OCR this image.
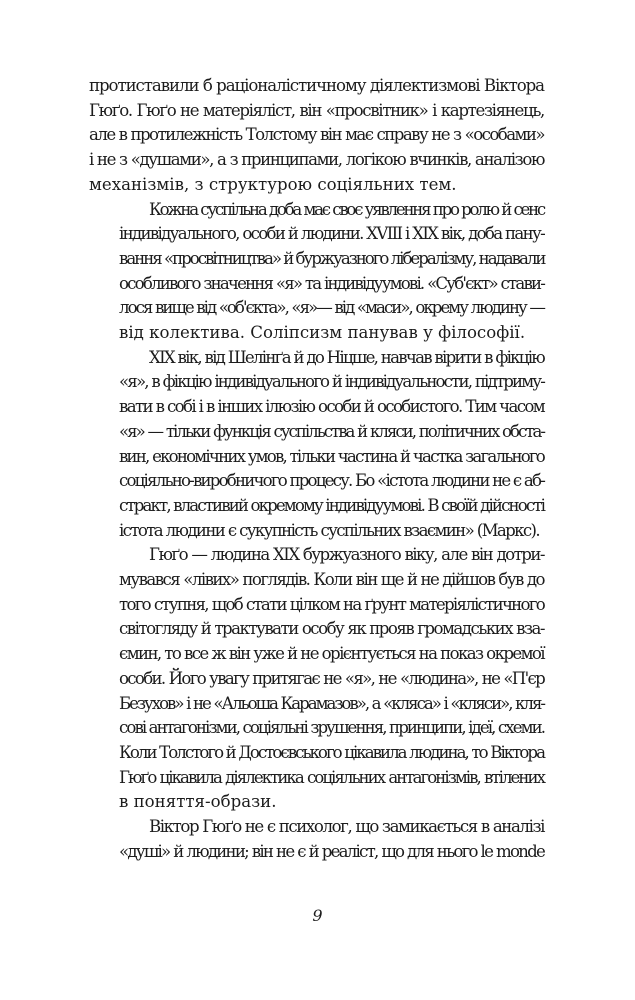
протиставили б раціоналістичному діялектизмові Віктора
Гюґо. Гюґо не матеріяліст, він «просвітник» і картезіянець,
але в протилежність Толстому він має справу не з «особами»
і не з «душами», а з принципами, логікою вчинків, аналізою
механізмів, з структурою соціяльних тем.
Кожна суспільна доба має своє уявлення про ролю й сенс
індивідуального, особи й людини. XVIII і XIX вік, доба пану-
вання «просвітництва» й буржуазного лібералізму, надавали
особливого значення «я» та індивідуумові. «Суб'єкт» стави-
лося вище від «об'єкта», «я»— від «маси», окрему людину —
від колектива. Соліпсизм панував у філософії.
XIX вік, від Шелінґа й до Ніцше, навчав вірити в фікцію
«я», в фікцію індивідуального й індивідуальности, підтриму-
вати в собі і в інших ілюзію особи й особистого. Тим часом
«я» — тільки функція суспільства й кляси, політичних обста-
вин, економічних умов, тільки частина й частка загального
соціяльно-виробничого процесу. Бо «істота людини не є аб-
стракт, властивий окремому індивідуумові. В своїй дійсності
істота людини є сукупність суспільних взаємин» (Маркс).
Гюґо — людина XIX буржуазного віку, але він дотри-
мувався «лівих» поглядів. Коли він ще й не дійшов був до
того ступня, щоб стати цілком на ґрунт матеріялістичного
світогляду й трактувати особу як прояв громадських вза-
ємин, то все ж він уже й не орієнтується на показ окремої
особи. Його увагу притягає не «я», не «людина», не «П'єр
Безухов» і не «Альоша Карамазов», а «кляса» і «кляси», кля-
сові антагонізми, соціяльні зрушення, принципи, ідеї, схеми.
Коли Толстого й Достоєвського цікавила людина, то Віктора
Гюґо цікавила діялектика соціяльних антагонізмів, втілених
в поняття-образи.
Віктор Гюґо не є психолог, що замикається в аналізі
«душі» й людини; він не є й реаліст, що для нього le monde
9
